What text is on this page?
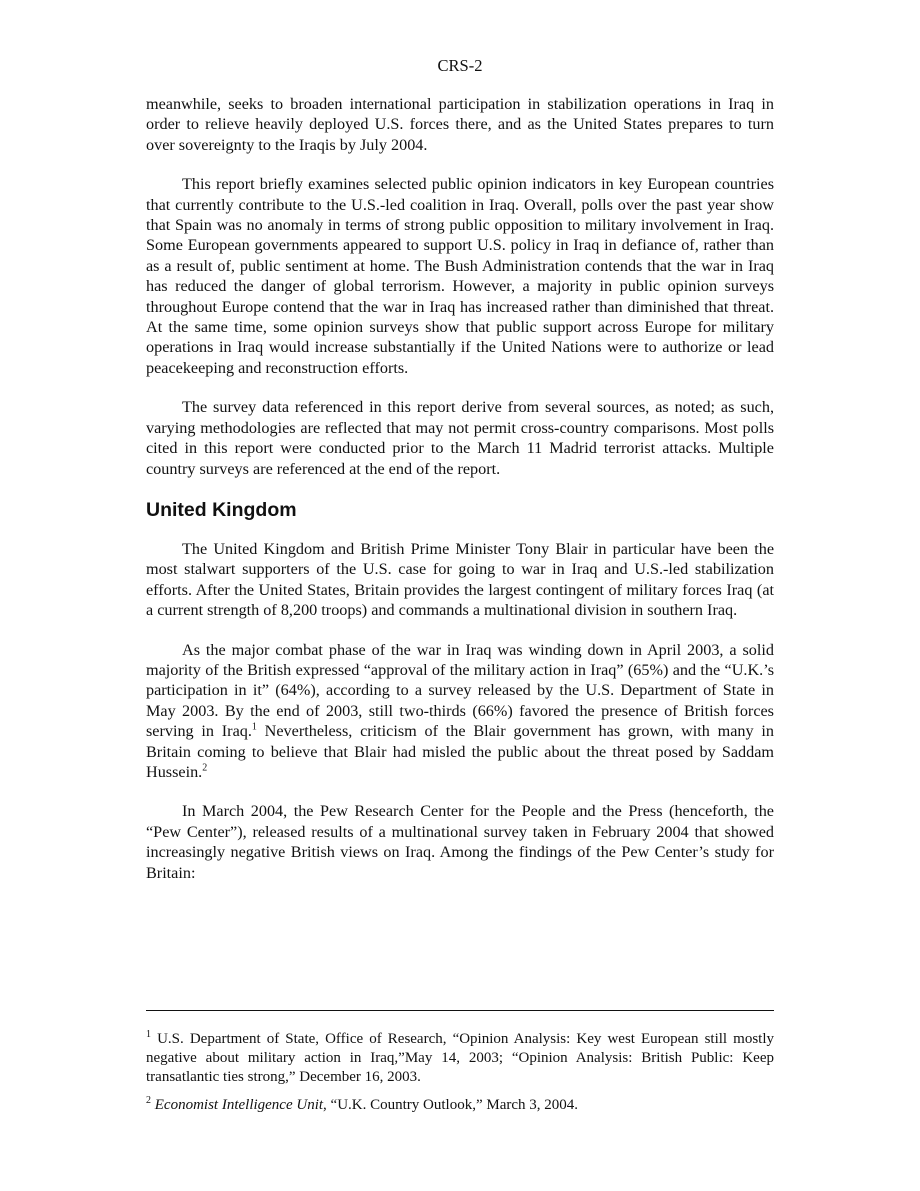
CRS-2

meanwhile, seeks to broaden international participation in stabilization operations in Iraq in order to relieve heavily deployed U.S. forces there, and as the United States prepares to turn over sovereignty to the Iraqis by July 2004.

This report briefly examines selected public opinion indicators in key European countries that currently contribute to the U.S.-led coalition in Iraq. Overall, polls over the past year show that Spain was no anomaly in terms of strong public opposition to military involvement in Iraq. Some European governments appeared to support U.S. policy in Iraq in defiance of, rather than as a result of, public sentiment at home. The Bush Administration contends that the war in Iraq has reduced the danger of global terrorism. However, a majority in public opinion surveys throughout Europe contend that the war in Iraq has increased rather than diminished that threat. At the same time, some opinion surveys show that public support across Europe for military operations in Iraq would increase substantially if the United Nations were to authorize or lead peacekeeping and reconstruction efforts.

The survey data referenced in this report derive from several sources, as noted; as such, varying methodologies are reflected that may not permit cross-country comparisons. Most polls cited in this report were conducted prior to the March 11 Madrid terrorist attacks. Multiple country surveys are referenced at the end of the report.

United Kingdom

The United Kingdom and British Prime Minister Tony Blair in particular have been the most stalwart supporters of the U.S. case for going to war in Iraq and U.S.-led stabilization efforts. After the United States, Britain provides the largest contingent of military forces Iraq (at a current strength of 8,200 troops) and commands a multinational division in southern Iraq.

As the major combat phase of the war in Iraq was winding down in April 2003, a solid majority of the British expressed “approval of the military action in Iraq” (65%) and the “U.K.’s participation in it” (64%), according to a survey released by the U.S. Department of State in May 2003. By the end of 2003, still two-thirds (66%) favored the presence of British forces serving in Iraq.$^1$ Nevertheless, criticism of the Blair government has grown, with many in Britain coming to believe that Blair had misled the public about the threat posed by Saddam Hussein.$^2$

In March 2004, the Pew Research Center for the People and the Press (henceforth, the “Pew Center”), released results of a multinational survey taken in February 2004 that showed increasingly negative British views on Iraq. Among the findings of the Pew Center’s study for Britain:

$^1$ U.S. Department of State, Office of Research, “Opinion Analysis: Key west European still mostly negative about military action in Iraq,”May 14, 2003; “Opinion Analysis: British Public: Keep transatlantic ties strong,” December 16, 2003.

$^2$ Economist Intelligence Unit, “U.K. Country Outlook,” March 3, 2004.
